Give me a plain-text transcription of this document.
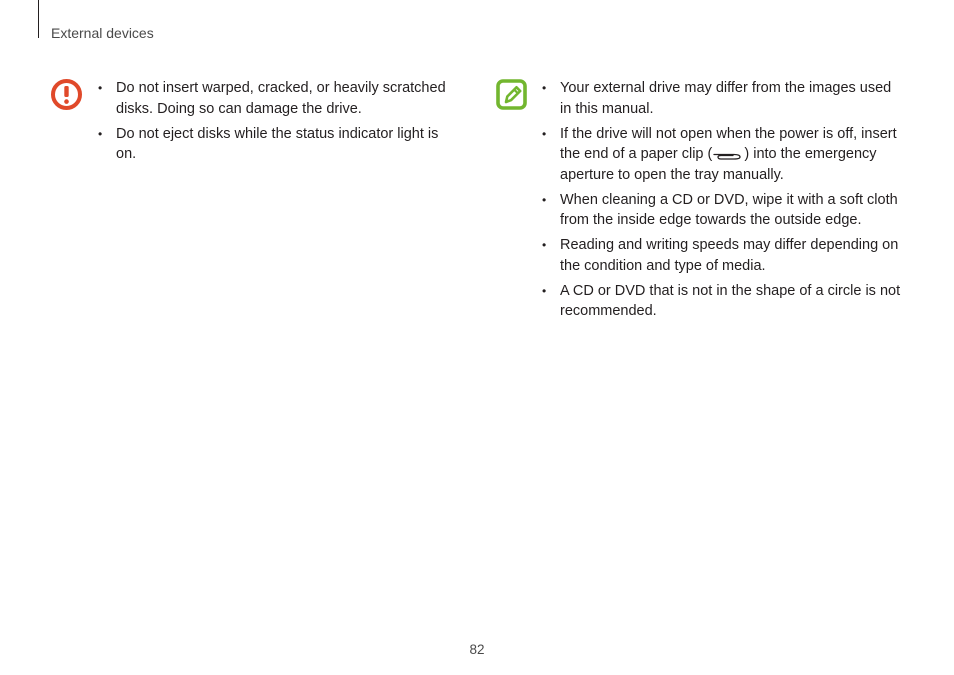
External devices
• Do not insert warped, cracked, or heavily scratched disks. Doing so can damage the drive.
• Do not eject disks while the status indicator light is on.
• Your external drive may differ from the images used in this manual.
• If the drive will not open when the power is off, insert the end of a paper clip ( ) into the emergency aperture to open the tray manually.
• When cleaning a CD or DVD, wipe it with a soft cloth from the inside edge towards the outside edge.
• Reading and writing speeds may differ depending on the condition and type of media.
• A CD or DVD that is not in the shape of a circle is not recommended.
82
